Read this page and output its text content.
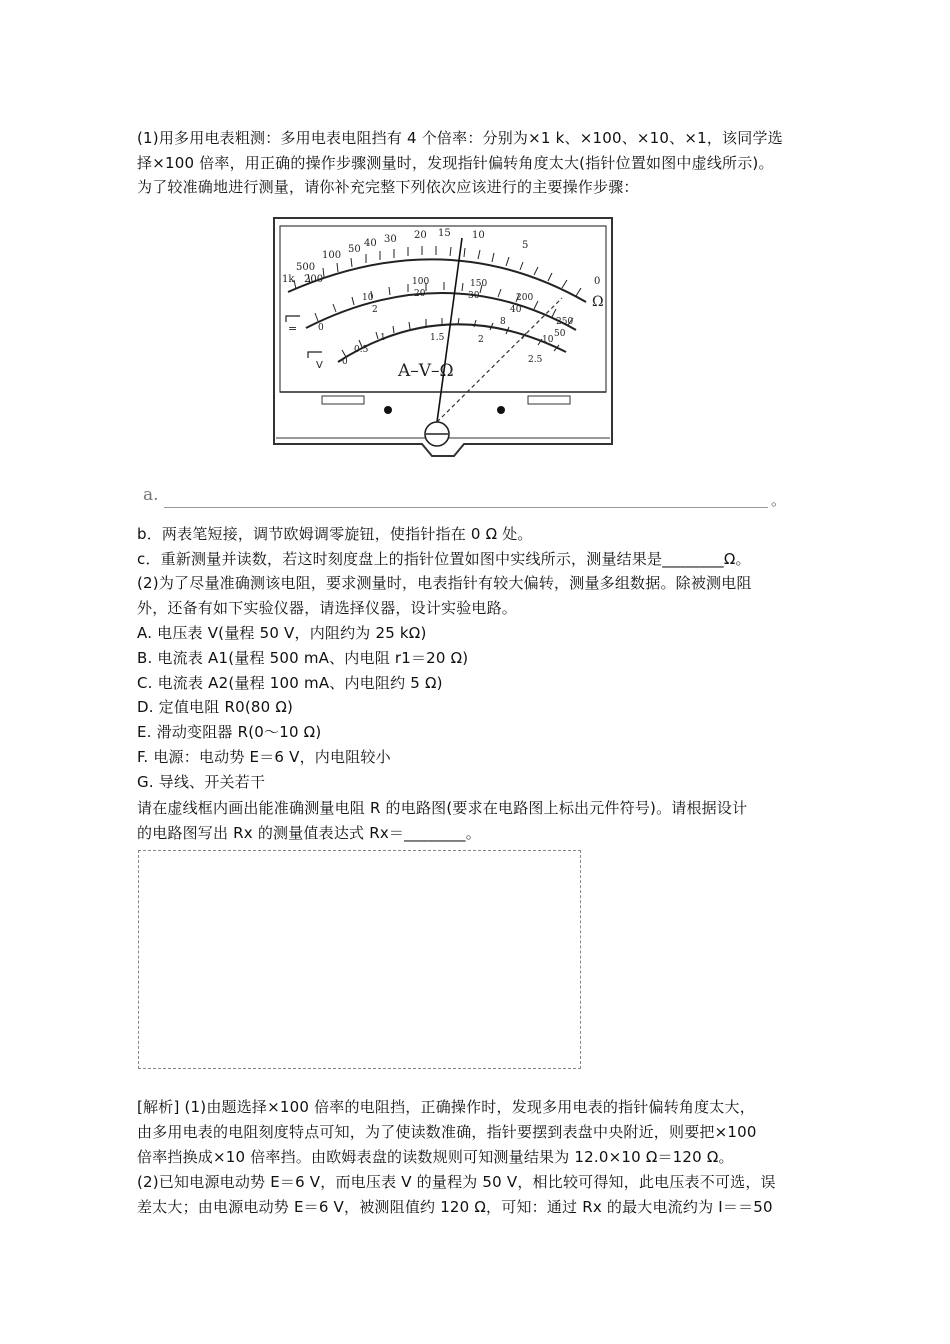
(1)用多用电表粗测：多用电表电阻挡有 4 个倍率：分别为×1 k、×100、×10、×1，该同学选
择×100 倍率，用正确的操作步骤测量时，发现指针偏转角度太大(指针位置如图中虚线所示)。
为了较准确地进行测量，请你补充完整下列依次应该进行的主要操作步骤：
1k
500
200
100
50
40 30 20 15 10
5
0
Ω
10
100	150
30	200
40
250
50
2
20
8
10
0
0
0.5
1	1.5	2
2.5
=
V	A–V–Ω
a.	。
b．两表笔短接，调节欧姆调零旋钮，使指针指在 0 Ω 处。
c．重新测量并读数，若这时刻度盘上的指针位置如图中实线所示，测量结果是________Ω。
(2)为了尽量准确测该电阻，要求测量时，电表指针有较大偏转，测量多组数据。除被测电阻
外，还备有如下实验仪器，请选择仪器，设计实验电路。
A. 电压表 V(量程 50 V，内阻约为 25 kΩ)
B. 电流表 A1(量程 500 mA、内电阻 r1＝20 Ω)
C. 电流表 A2(量程 100 mA、内电阻约 5 Ω)
D. 定值电阻 R0(80 Ω)
E. 滑动变阻器 R(0～10 Ω)
F. 电源：电动势 E＝6 V，内电阻较小
G. 导线、开关若干
请在虚线框内画出能准确测量电阻 R 的电路图(要求在电路图上标出元件符号)。请根据设计
的电路图写出 Rx 的测量值表达式 Rx＝________。
[解析] (1)由题选择×100 倍率的电阻挡，正确操作时，发现多用电表的指针偏转角度太大，
由多用电表的电阻刻度特点可知，为了使读数准确，指针要摆到表盘中央附近，则要把×100
倍率挡换成×10 倍率挡。由欧姆表盘的读数规则可知测量结果为 12.0×10 Ω＝120 Ω。
(2)已知电源电动势 E＝6 V，而电压表 V 的量程为 50 V，相比较可得知，此电压表不可选，误
差太大；由电源电动势 E＝6 V，被测阻值约 120 Ω，可知：通过 Rx 的最大电流约为 I＝＝50
